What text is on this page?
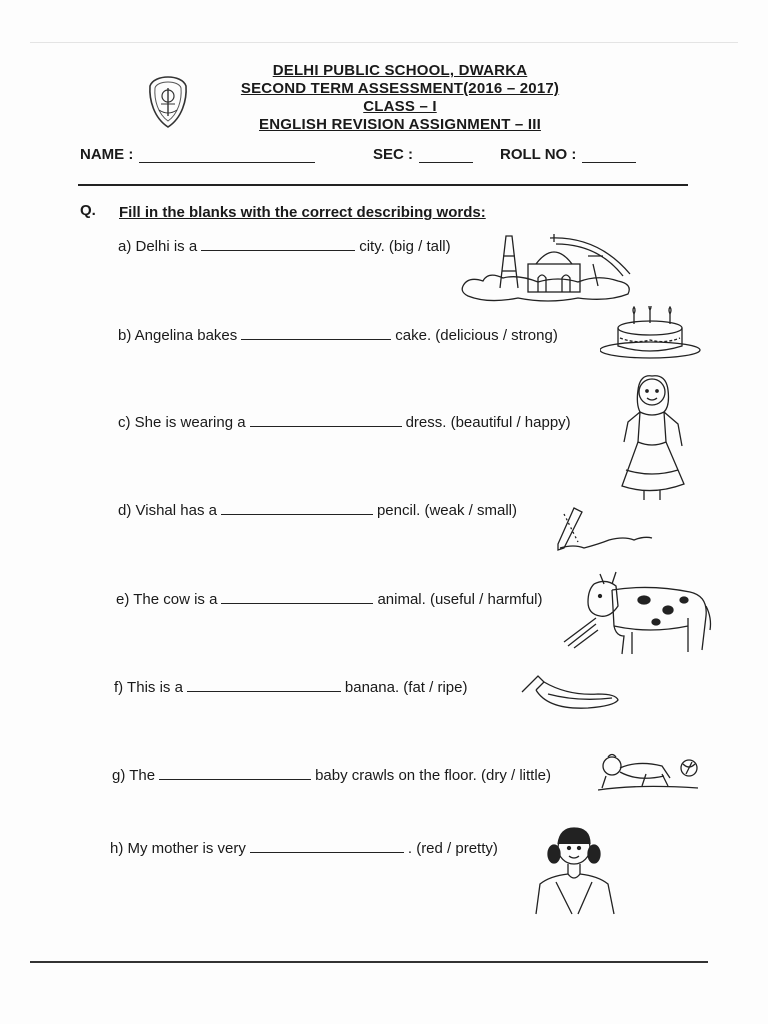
DELHI PUBLIC SCHOOL, DWARKA
SECOND TERM ASSESSMENT(2016 – 2017)
CLASS – I
ENGLISH REVISION ASSIGNMENT – III
NAME :	SEC :	ROLL NO :
Q. Fill in the blanks with the correct describing words:
a) Delhi is a	city. (big / tall)
b) Angelina bakes	cake. (delicious / strong)
c) She is wearing a	dress. (beautiful / happy)
d) Vishal has a	pencil. (weak / small)
e) The cow is a	animal. (useful / harmful)
f) This is a	banana. (fat / ripe)
g) The	baby crawls on the floor. (dry / little)
h) My mother is very	. (red / pretty)
